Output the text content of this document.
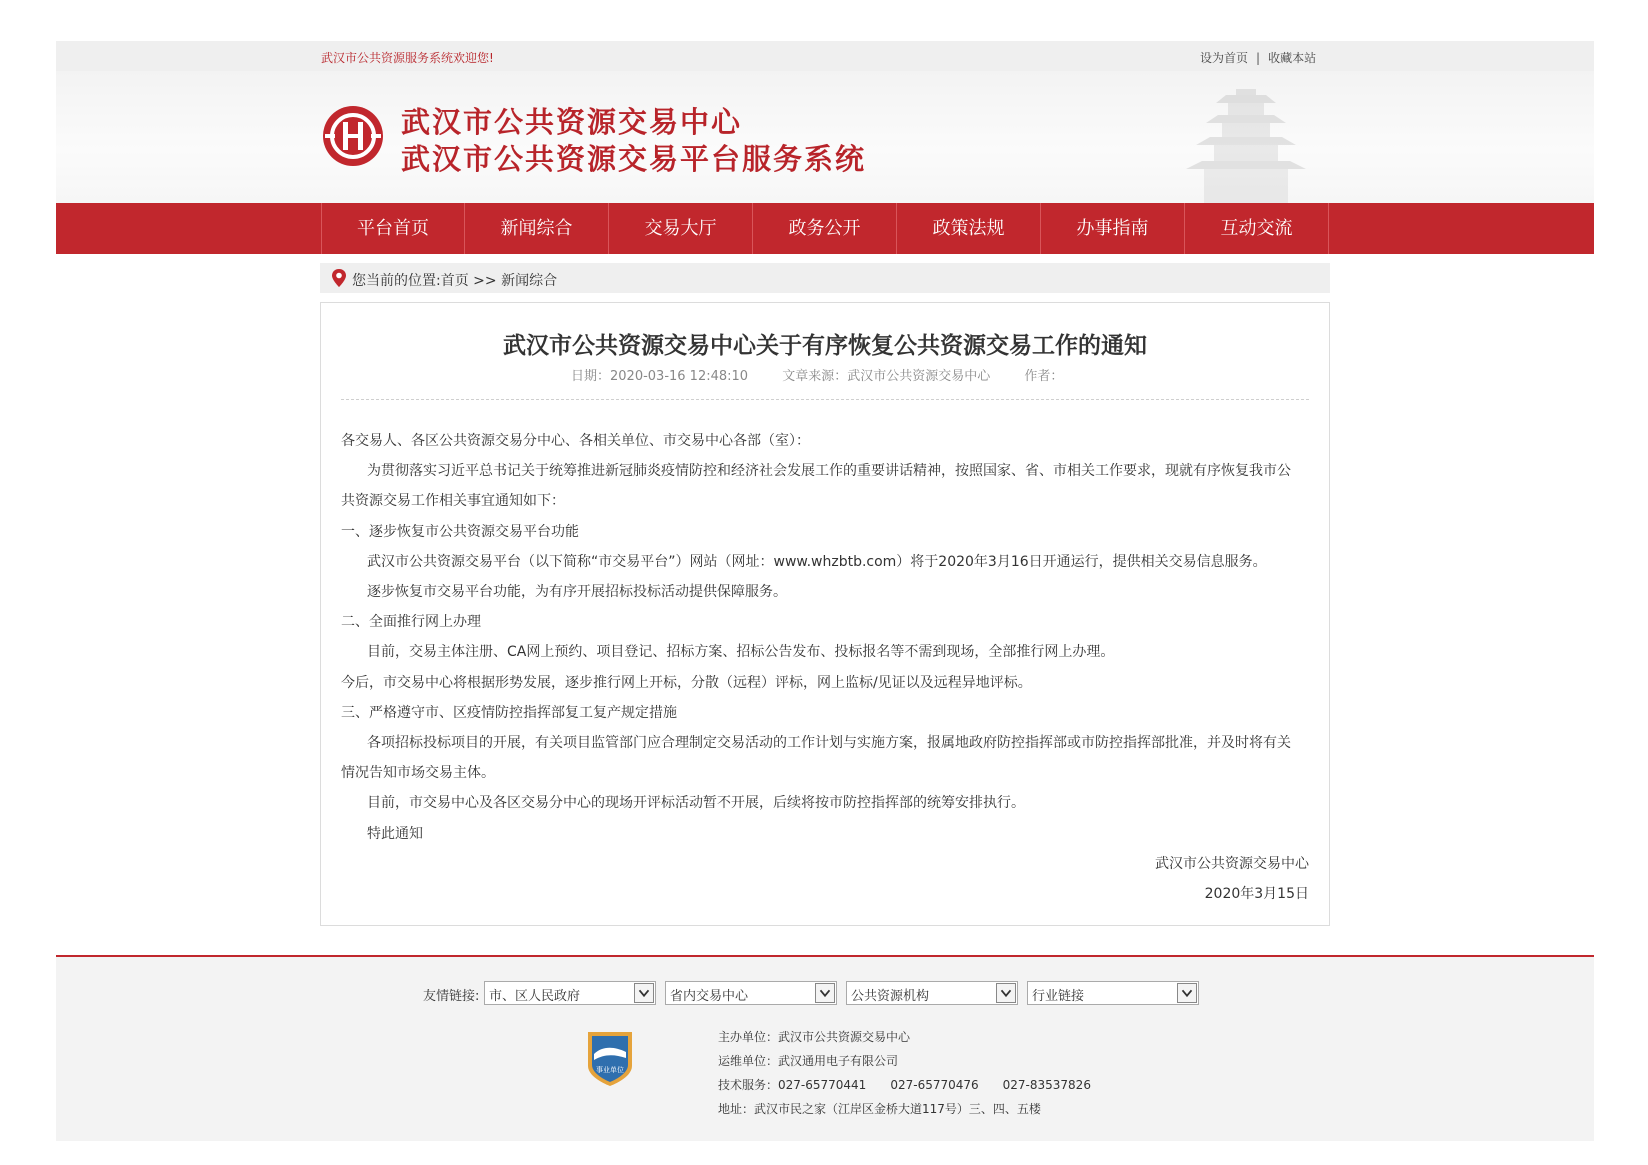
武汉市公共资源服务系统欢迎您!	设为首页 | 收藏本站
武汉市公共资源交易中心
武汉市公共资源交易平台服务系统
平台首页	新闻综合	交易大厅	政务公开	政策法规	办事指南	互动交流
您当前的位置:首页 >> 新闻综合
武汉市公共资源交易中心关于有序恢复公共资源交易工作的通知
日期：2020-03-16 12:48:10	文章来源：武汉市公共资源交易中心	作者：

各交易人、各区公共资源交易分中心、各相关单位、市交易中心各部（室）：

为贯彻落实习近平总书记关于统筹推进新冠肺炎疫情防控和经济社会发展工作的重要讲话精神，按照国家、省、市相关工作要求，现就有序恢复我市公

共资源交易工作相关事宜通知如下：

一、逐步恢复市公共资源交易平台功能

武汉市公共资源交易平台（以下简称“市交易平台”）网站（网址：www.whzbtb.com）将于2020年3月16日开通运行，提供相关交易信息服务。

逐步恢复市交易平台功能，为有序开展招标投标活动提供保障服务。

二、全面推行网上办理

目前，交易主体注册、CA网上预约、项目登记、招标方案、招标公告发布、投标报名等不需到现场，全部推行网上办理。

今后，市交易中心将根据形势发展，逐步推行网上开标，分散（远程）评标，网上监标/见证以及远程异地评标。

三、严格遵守市、区疫情防控指挥部复工复产规定措施

各项招标投标项目的开展，有关项目监管部门应合理制定交易活动的工作计划与实施方案，报属地政府防控指挥部或市防控指挥部批准，并及时将有关

情况告知市场交易主体。

目前，市交易中心及各区交易分中心的现场开评标活动暂不开展，后续将按市防控指挥部的统筹安排执行。

特此通知

武汉市公共资源交易中心

2020年3月15日

友情链接: 市、区人民政府	省内交易中心	公共资源机构	行业链接
事业单位
主办单位：武汉市公共资源交易中心
运维单位：武汉通用电子有限公司
技术服务：027-65770441 027-65770476 027-83537826
地址：武汉市民之家（江岸区金桥大道117号）三、四、五楼
